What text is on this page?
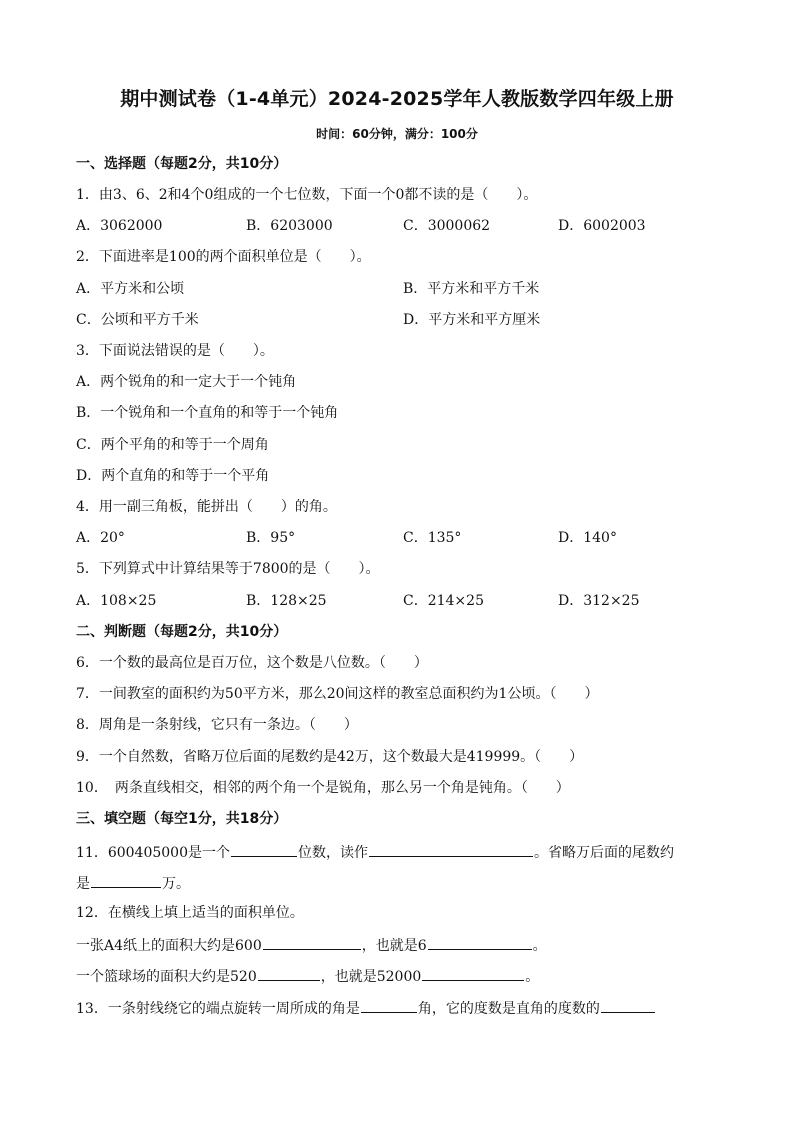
期中测试卷（1-4单元）2024-2025学年人教版数学四年级上册
时间：60分钟，满分：100分
一、选择题（每题2分，共10分）
1．由3、6、2和4个0组成的一个七位数，下面一个0都不读的是（　　）。
A．3062000	B．6203000	C．3000062	D．6002003
2．下面进率是100的两个面积单位是（　　）。
A．平方米和公顷	B．平方米和平方千米
C．公顷和平方千米	D．平方米和平方厘米
3．下面说法错误的是（　　）。
A．两个锐角的和一定大于一个钝角
B．一个锐角和一个直角的和等于一个钝角
C．两个平角的和等于一个周角
D．两个直角的和等于一个平角
4．用一副三角板，能拼出（　　）的角。
A．20°	B．95°	C．135°	D．140°
5．下列算式中计算结果等于7800的是（　　）。
A．108×25	B．128×25	C．214×25	D．312×25
二、判断题（每题2分，共10分）
6．一个数的最高位是百万位，这个数是八位数。（　　）
7．一间教室的面积约为50平方米，那么20间这样的教室总面积约为1公顷。（　　）
8．周角是一条射线，它只有一条边。（　　）
9．一个自然数，省略万位后面的尾数约是42万，这个数最大是419999。（　　）
10．　两条直线相交，相邻的两个角一个是锐角，那么另一个角是钝角。（　　）
三、填空题（每空1分，共18分）
11．600405000是一个	位数，读作	。省略万后面的尾数约
是	万。
12．在横线上填上适当的面积单位。
一张A4纸上的面积大约是600	，也就是6	。
一个篮球场的面积大约是520	，也就是52000	。
13．一条射线绕它的端点旋转一周所成的角是	角，它的度数是直角的度数的
